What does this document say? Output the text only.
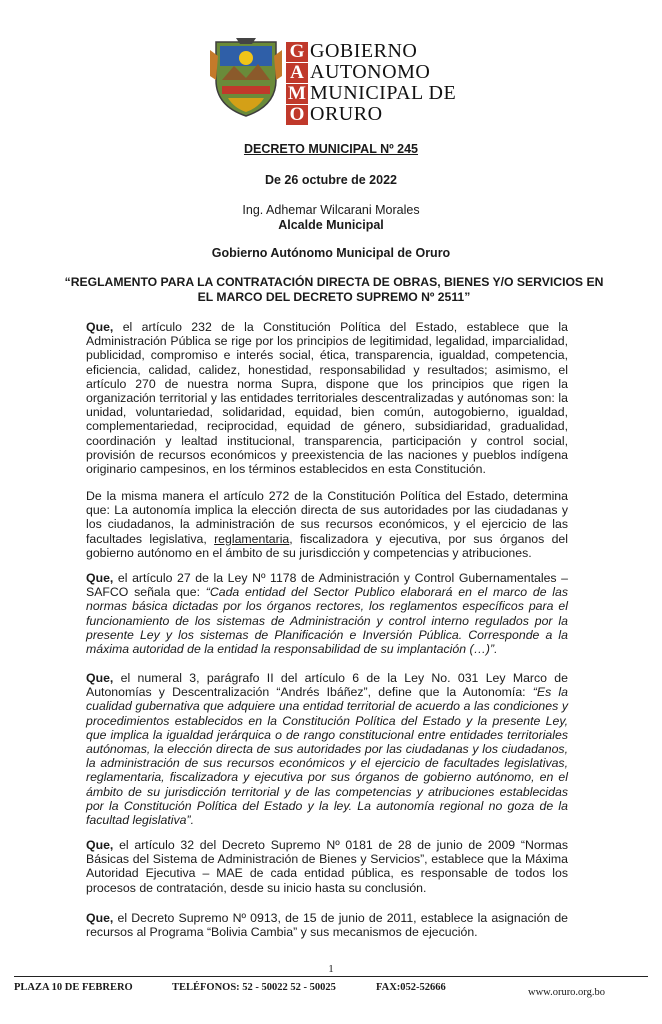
G
A
M
O
GOBIERNO
AUTONOMO
MUNICIPAL DE
ORURO
DECRETO MUNICIPAL Nº 245
De 26 octubre de 2022
Ing. Adhemar Wilcarani Morales
Alcalde Municipal
Gobierno Autónomo Municipal de Oruro
“REGLAMENTO PARA LA CONTRATACIÓN DIRECTA DE OBRAS, BIENES Y/O SERVICIOS EN EL MARCO DEL DECRETO SUPREMO Nº 2511”

Que, el artículo 232 de la Constitución Política del Estado, establece que la Administración Pública se rige por los principios de legitimidad, legalidad, imparcialidad, publicidad, compromiso e interés social, ética, transparencia, igualdad, competencia, eficiencia, calidad, calidez, honestidad, responsabilidad y resultados; asimismo, el artículo 270 de nuestra norma Supra, dispone que los principios que rigen la organización territorial y las entidades territoriales descentralizadas y autónomas son: la unidad, voluntariedad, solidaridad, equidad, bien común, autogobierno, igualdad, complementariedad, reciprocidad, equidad de género, subsidiaridad, gradualidad, coordinación y lealtad institucional, transparencia, participación y control social, provisión de recursos económicos y preexistencia de las naciones y pueblos indígena originario campesinos, en los términos establecidos en esta Constitución.

De la misma manera el artículo 272 de la Constitución Política del Estado, determina que: La autonomía implica la elección directa de sus autoridades por las ciudadanas y los ciudadanos, la administración de sus recursos económicos, y el ejercicio de las facultades legislativa, reglamentaria, fiscalizadora y ejecutiva, por sus órganos del gobierno autónomo en el ámbito de su jurisdicción y competencias y atribuciones.

Que, el artículo 27 de la Ley Nº 1178 de Administración y Control Gubernamentales – SAFCO señala que: “Cada entidad del Sector Publico elaborará en el marco de las normas básica dictadas por los órganos rectores, los reglamentos específicos para el funcionamiento de los sistemas de Administración y control interno regulados por la presente Ley y los sistemas de Planificación e Inversión Pública. Corresponde a la máxima autoridad de la entidad la responsabilidad de su implantación (…)”.

Que, el numeral 3, parágrafo II del artículo 6 de la Ley No. 031 Ley Marco de Autonomías y Descentralización “Andrés Ibáñez”, define que la Autonomía: “Es la cualidad gubernativa que adquiere una entidad territorial de acuerdo a las condiciones y procedimientos establecidos en la Constitución Política del Estado y la presente Ley, que implica la igualdad jerárquica o de rango constitucional entre entidades territoriales autónomas, la elección directa de sus autoridades por las ciudadanas y los ciudadanos, la administración de sus recursos económicos y el ejercicio de facultades legislativas, reglamentaria, fiscalizadora y ejecutiva por sus órganos de gobierno autónomo, en el ámbito de su jurisdicción territorial y de las competencias y atribuciones establecidas por la Constitución Política del Estado y la ley. La autonomía regional no goza de la facultad legislativa”.

Que, el artículo 32 del Decreto Supremo Nº 0181 de 28 de junio de 2009 “Normas Básicas del Sistema de Administración de Bienes y Servicios”, establece que la Máxima Autoridad Ejecutiva – MAE de cada entidad pública, es responsable de todos los procesos de contratación, desde su inicio hasta su conclusión.

Que, el Decreto Supremo Nº 0913, de 15 de junio de 2011, establece la asignación de recursos al Programa “Bolivia Cambia” y sus mecanismos de ejecución.

1
PLAZA 10 DE FEBRERO	TELÉFONOS: 52 - 50022 52 - 50025	FAX:052-52666	www.oruro.org.bo
